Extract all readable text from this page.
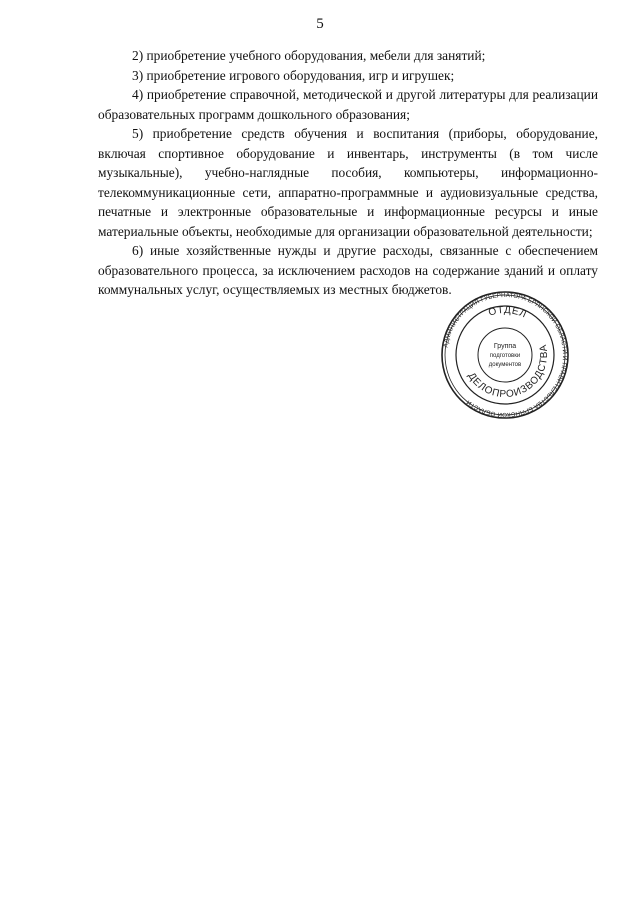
5

2) приобретение учебного оборудования, мебели для занятий;

3) приобретение игрового оборудования, игр и игрушек;

4) приобретение справочной, методической и другой литературы для реализации образовательных программ дошкольного образования;

5) приобретение средств обучения и воспитания (приборы, оборудование, включая спортивное оборудование и инвентарь, инструменты (в том числе музыкальные), учебно-наглядные пособия, компьютеры, информационно-телекоммуникационные сети, аппаратно-программные и аудиовизуальные средства, печатные и электронные образовательные и информационные ресурсы и иные материальные объекты, необходимые для организации образовательной деятельности;

6) иные хозяйственные нужды и другие расходы, связанные с обеспечением образовательного процесса, за исключением расходов на содержание зданий и оплату коммунальных услуг, осуществляемых из местных бюджетов.

АДМИНИСТРАЦИЯ ГУБЕРНАТОРА БРЯНСКОЙ ОБЛАСТИ И ПРАВИТЕЛЬСТВА БРЯНСКОЙ ОБЛАСТИ
ОТДЕЛ
ДЕЛОПРОИЗВОДСТВА
Группа
подготовки
документов
